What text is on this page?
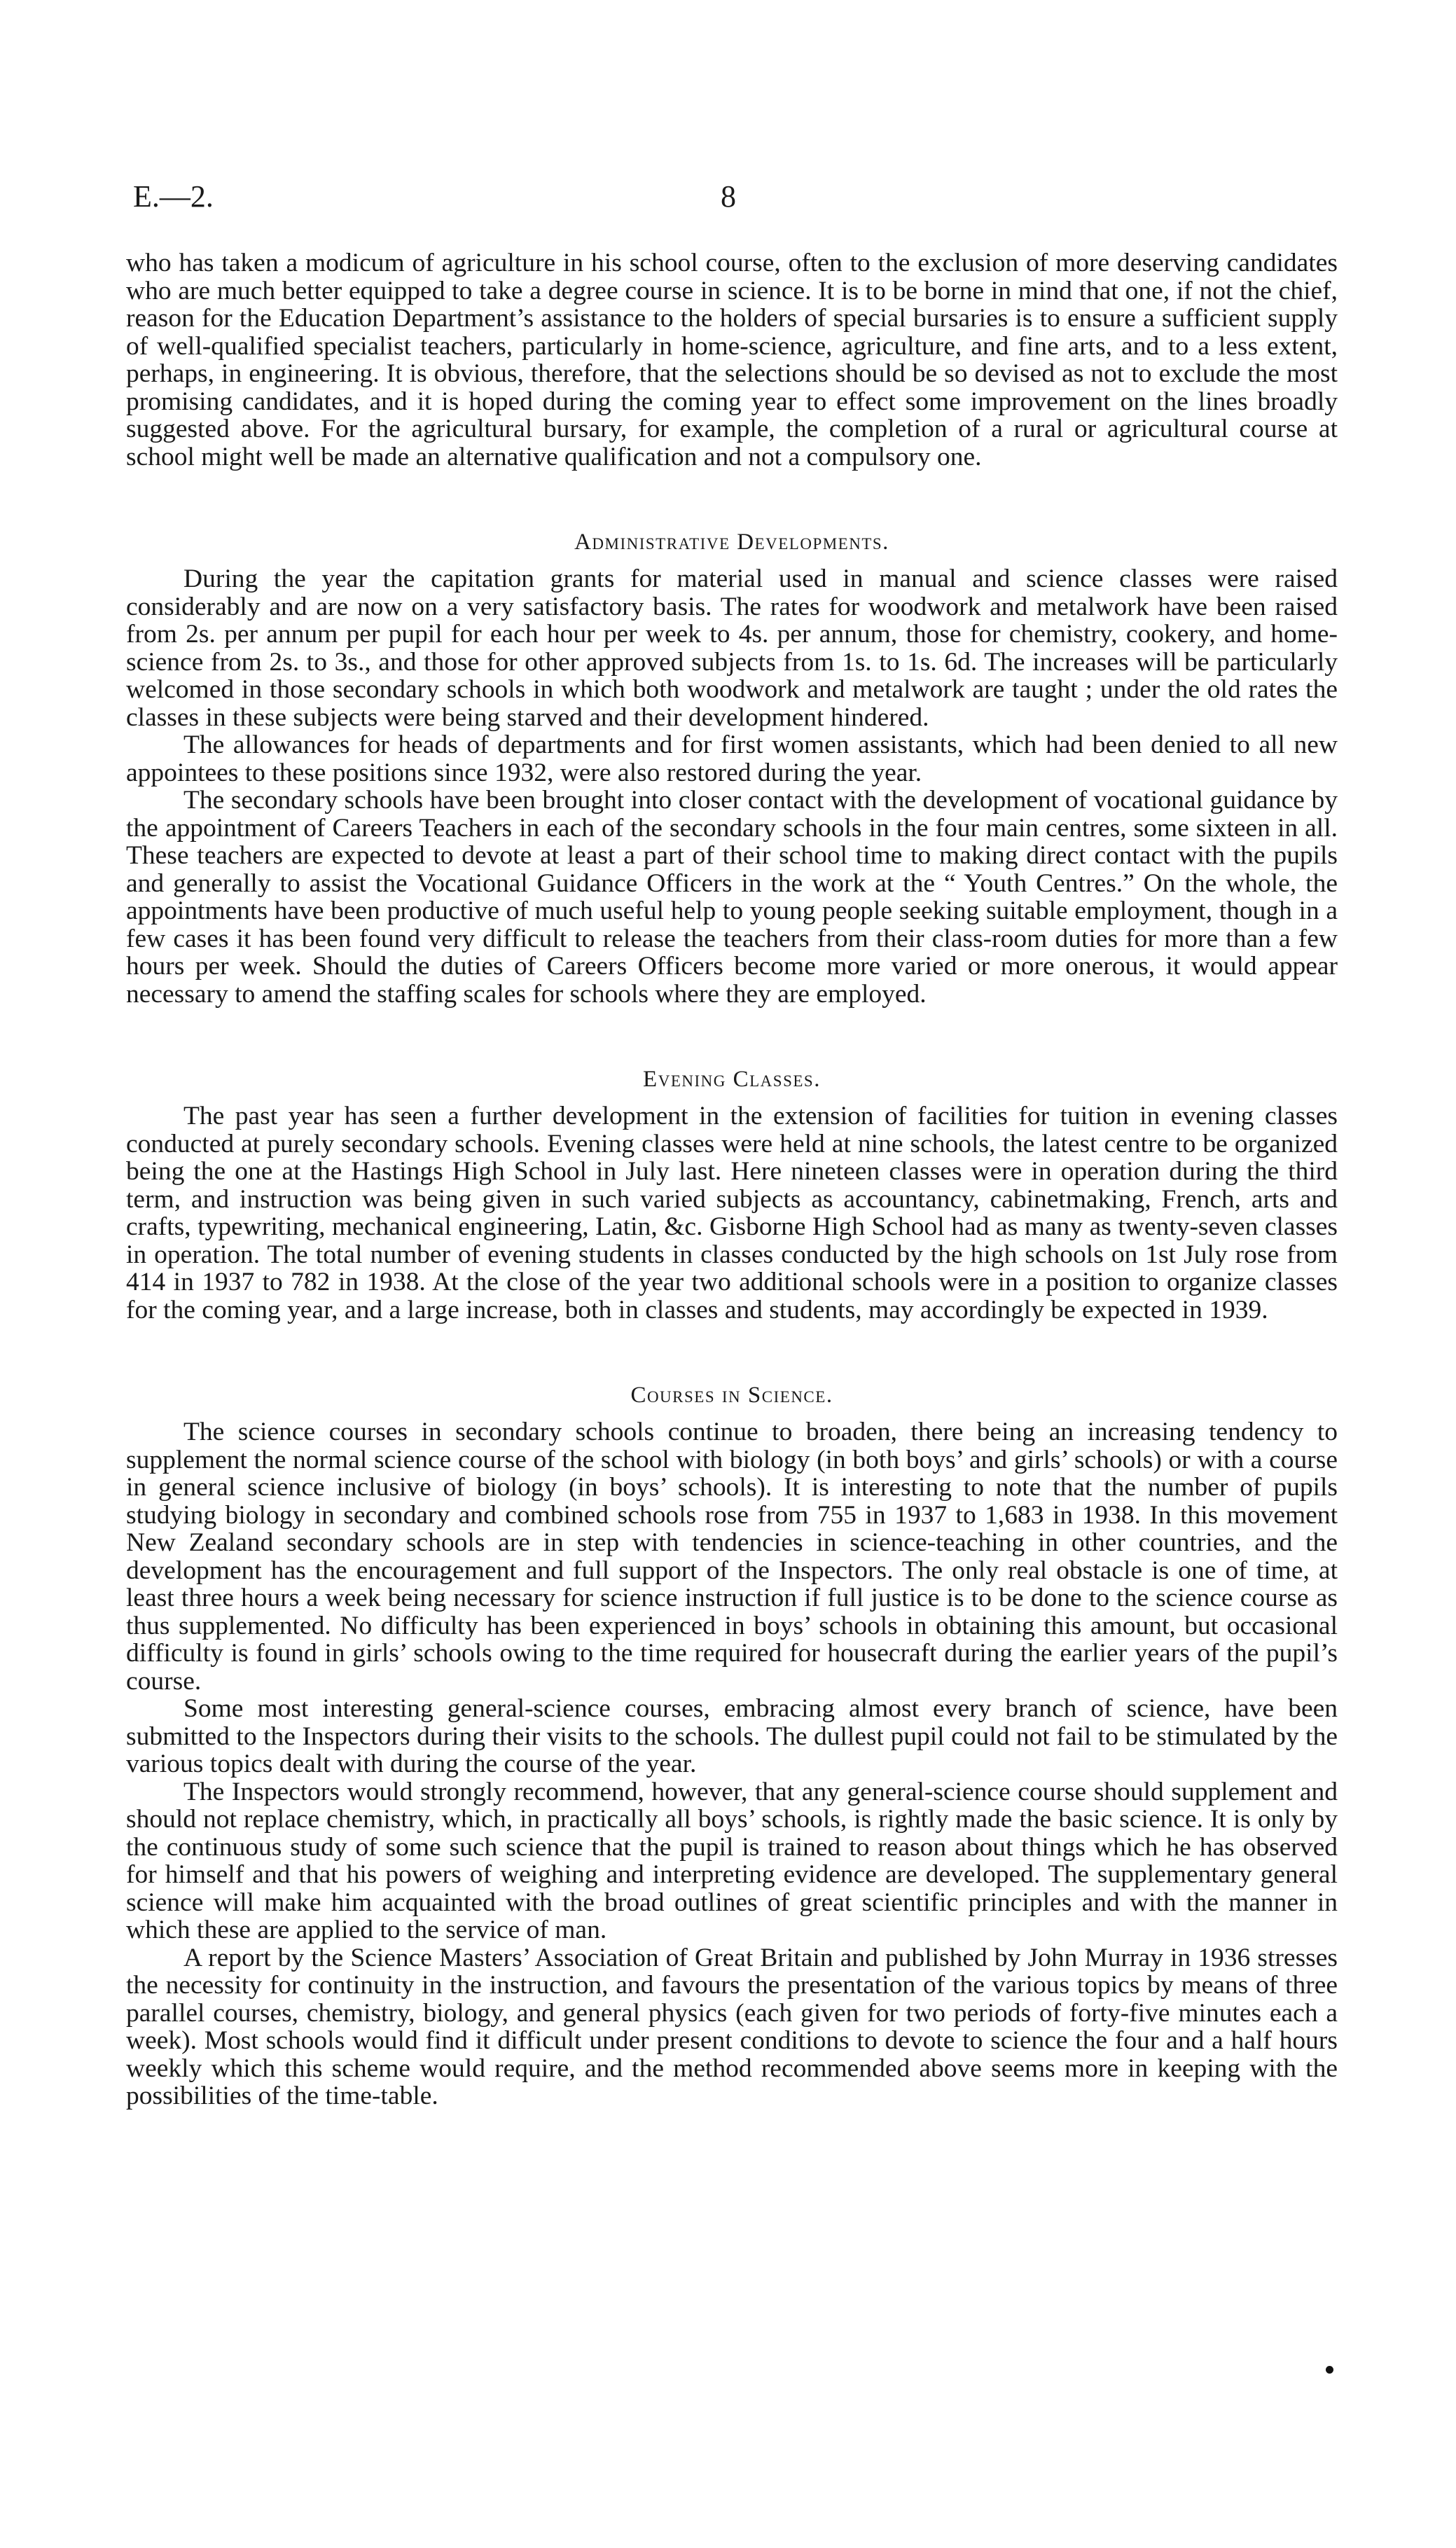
E.—2.	8

who has taken a modicum of agriculture in his school course, often to the exclusion of more deserving candidates who are much better equipped to take a degree course in science. It is to be borne in mind that one, if not the chief, reason for the Education Department’s assistance to the holders of special bursaries is to ensure a sufficient supply of well-qualified specialist teachers, particularly in home-science, agriculture, and fine arts, and to a less extent, perhaps, in engineering. It is obvious, therefore, that the selections should be so devised as not to exclude the most promising candidates, and it is hoped during the coming year to effect some improvement on the lines broadly suggested above. For the agricultural bursary, for example, the completion of a rural or agricultural course at school might well be made an alternative qualification and not a compulsory one.

Administrative Developments.

During the year the capitation grants for material used in manual and science classes were raised considerably and are now on a very satisfactory basis. The rates for woodwork and metalwork have been raised from 2s. per annum per pupil for each hour per week to 4s. per annum, those for chemistry, cookery, and home-science from 2s. to 3s., and those for other approved subjects from 1s. to 1s. 6d. The increases will be particularly welcomed in those secondary schools in which both woodwork and metalwork are taught ; under the old rates the classes in these subjects were being starved and their development hindered.

The allowances for heads of departments and for first women assistants, which had been denied to all new appointees to these positions since 1932, were also restored during the year.

The secondary schools have been brought into closer contact with the development of vocational guidance by the appointment of Careers Teachers in each of the secondary schools in the four main centres, some sixteen in all. These teachers are expected to devote at least a part of their school time to making direct contact with the pupils and generally to assist the Vocational Guidance Officers in the work at the “ Youth Centres.” On the whole, the appointments have been productive of much useful help to young people seeking suitable employment, though in a few cases it has been found very difficult to release the teachers from their class-room duties for more than a few hours per week. Should the duties of Careers Officers become more varied or more onerous, it would appear necessary to amend the staffing scales for schools where they are employed.

Evening Classes.

The past year has seen a further development in the extension of facilities for tuition in evening classes conducted at purely secondary schools. Evening classes were held at nine schools, the latest centre to be organized being the one at the Hastings High School in July last. Here nineteen classes were in operation during the third term, and instruction was being given in such varied subjects as accountancy, cabinetmaking, French, arts and crafts, typewriting, mechanical engineering, Latin, &c. Gisborne High School had as many as twenty-seven classes in operation. The total number of evening students in classes conducted by the high schools on 1st July rose from 414 in 1937 to 782 in 1938. At the close of the year two additional schools were in a position to organize classes for the coming year, and a large increase, both in classes and students, may accordingly be expected in 1939.

Courses in Science.

The science courses in secondary schools continue to broaden, there being an increasing tendency to supplement the normal science course of the school with biology (in both boys’ and girls’ schools) or with a course in general science inclusive of biology (in boys’ schools). It is interesting to note that the number of pupils studying biology in secondary and combined schools rose from 755 in 1937 to 1,683 in 1938. In this movement New Zealand secondary schools are in step with tendencies in science-teaching in other countries, and the development has the encouragement and full support of the Inspectors. The only real obstacle is one of time, at least three hours a week being necessary for science instruction if full justice is to be done to the science course as thus supplemented. No difficulty has been experienced in boys’ schools in obtaining this amount, but occasional difficulty is found in girls’ schools owing to the time required for housecraft during the earlier years of the pupil’s course.

Some most interesting general-science courses, embracing almost every branch of science, have been submitted to the Inspectors during their visits to the schools. The dullest pupil could not fail to be stimulated by the various topics dealt with during the course of the year.

The Inspectors would strongly recommend, however, that any general-science course should supplement and should not replace chemistry, which, in practically all boys’ schools, is rightly made the basic science. It is only by the continuous study of some such science that the pupil is trained to reason about things which he has observed for himself and that his powers of weighing and interpreting evidence are developed. The supplementary general science will make him acquainted with the broad outlines of great scientific principles and with the manner in which these are applied to the service of man.

A report by the Science Masters’ Association of Great Britain and published by John Murray in 1936 stresses the necessity for continuity in the instruction, and favours the presentation of the various topics by means of three parallel courses, chemistry, biology, and general physics (each given for two periods of forty-five minutes each a week). Most schools would find it difficult under present conditions to devote to science the four and a half hours weekly which this scheme would require, and the method recommended above seems more in keeping with the possibilities of the time-table.
